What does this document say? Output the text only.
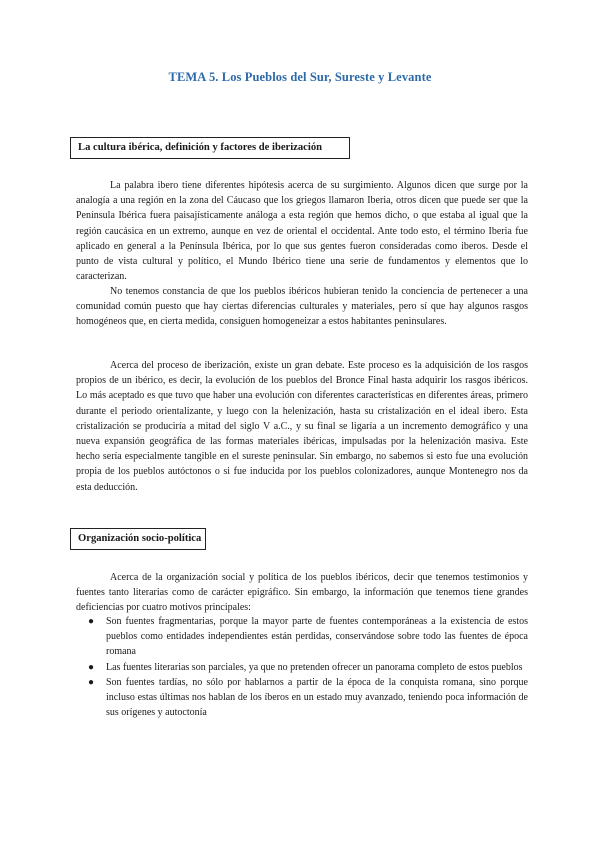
TEMA 5. Los Pueblos del Sur, Sureste y Levante
La cultura ibérica, definición y factores de iberización

La palabra ibero tiene diferentes hipótesis acerca de su surgimiento. Algunos dicen que surge por la analogía a una región en la zona del Cáucaso que los griegos llamaron Iberia, otros dicen que puede ser que la Península Ibérica fuera paisajísticamente análoga a esta región que hemos dicho, o que estaba al igual que la región caucásica en un extremo, aunque en vez de oriental el occidental. Ante todo esto, el término Iberia fue aplicado en general a la Península Ibérica, por lo que sus gentes fueron consideradas como iberos. Desde el punto de vista cultural y político, el Mundo Ibérico tiene una serie de fundamentos y elementos que lo caracterizan.

No tenemos constancia de que los pueblos ibéricos hubieran tenido la conciencia de pertenecer a una comunidad común puesto que hay ciertas diferencias culturales y materiales, pero sí que hay algunos rasgos homogéneos que, en cierta medida, consiguen homogeneizar a estos habitantes peninsulares.

Acerca del proceso de iberización, existe un gran debate. Este proceso es la adquisición de los rasgos propios de un ibérico, es decir, la evolución de los pueblos del Bronce Final hasta adquirir los rasgos ibéricos. Lo más aceptado es que tuvo que haber una evolución con diferentes características en diferentes áreas, primero durante el periodo orientalizante, y luego con la helenización, hasta su cristalización en el ideal ibero. Esta cristalización se produciría a mitad del siglo V a.C., y su final se ligaría a un incremento demográfico y una nueva expansión geográfica de las formas materiales ibéricas, impulsadas por la helenización masiva. Este hecho sería especialmente tangible en el sureste peninsular. Sin embargo, no sabemos si esto fue una evolución propia de los pueblos autóctonos o si fue inducida por los pueblos colonizadores, aunque Montenegro nos da esta deducción.

Organización socio-política

Acerca de la organización social y política de los pueblos ibéricos, decir que tenemos testimonios y fuentes tanto literarias como de carácter epigráfico. Sin embargo, la información que tenemos tiene grandes deficiencias por cuatro motivos principales:

● Son fuentes fragmentarias, porque la mayor parte de fuentes contemporáneas a la existencia de estos pueblos como entidades independientes están perdidas, conservándose sobre todo las fuentes de época romana
● Las fuentes literarias son parciales, ya que no pretenden ofrecer un panorama completo de estos pueblos
● Son fuentes tardías, no sólo por hablarnos a partir de la época de la conquista romana, sino porque incluso estas últimas nos hablan de los íberos en un estado muy avanzado, teniendo poca información de sus orígenes y autoctonía
